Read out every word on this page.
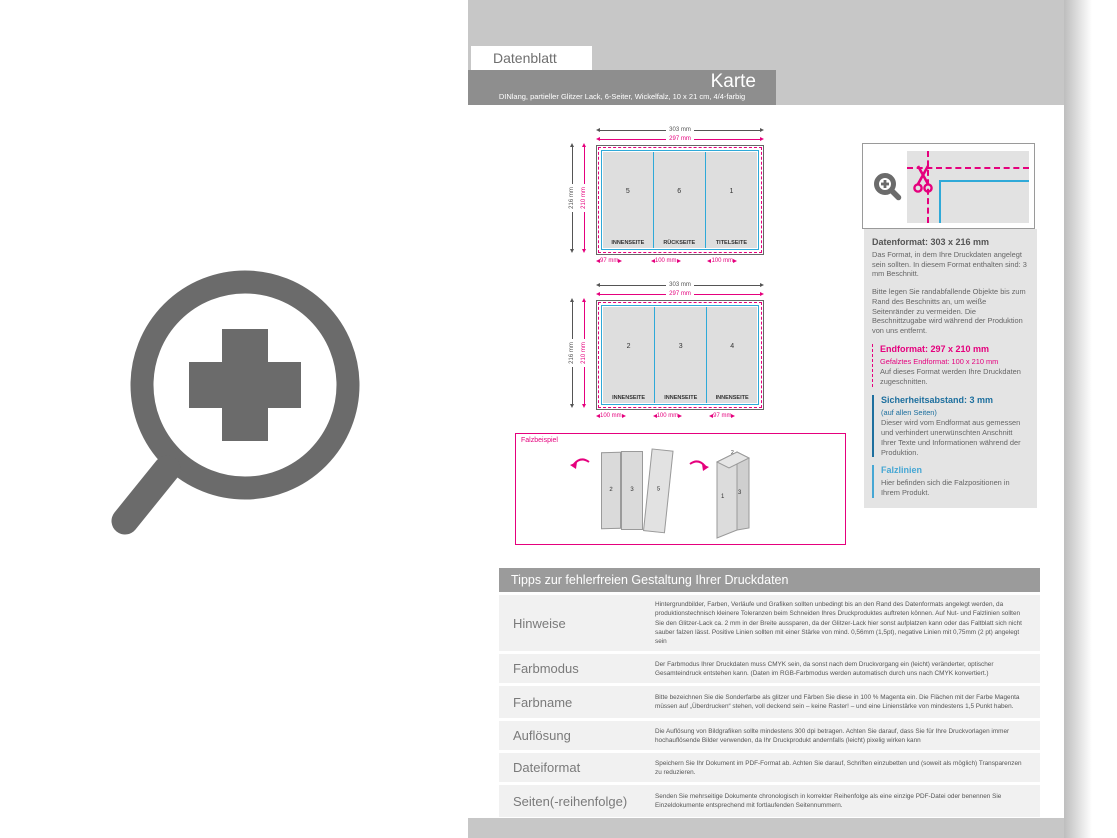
Datenblatt
Karte
DINlang, partieller Glitzer Lack, 6-Seiter, Wickelfalz, 10 x 21 cm, 4/4-farbig
216 mm 210 mm
303 mm
297 mm
5
INNENSEITE
6
RÜCKSEITE
1
TITELSEITE
97 mm	100 mm	100 mm
216 mm 210 mm
303 mm
297 mm
2
INNENSEITE
3
INNENSEITE
4
INNENSEITE
100 mm	100 mm	97 mm
Datenformat: 303 x 216 mm

Das Format, in dem Ihre Druckdaten angelegt sein sollten. In diesem Format enthalten sind: 3 mm Beschnitt.

Bitte legen Sie randabfallende Objekte bis zum Rand des Beschnitts an, um weiße Seitenränder zu vermeiden. Die Beschnittzugabe wird während der Produktion von uns entfernt.

Endformat: 297 x 210 mm
Gefalztes Endformat: 100 x 210 mm

Auf dieses Format werden Ihre Druckdaten zugeschnitten.

Sicherheitsabstand: 3 mm
(auf allen Seiten)

Dieser wird vom Endformat aus gemessen und verhindert unerwünschten Anschnitt Ihrer Texte und Informationen während der Produktion.

Falzlinien

Hier befinden sich die Falzpositionen in Ihrem Produkt.

Falzbeispiel
2	3	5
1
3
2
Tipps zur fehlerfreien Gestaltung Ihrer Druckdaten
Hinweise
Hintergrundbilder, Farben, Verläufe und Grafiken sollten unbedingt bis an den Rand des Datenformats angelegt werden, da produktionstechnisch kleinere Toleranzen beim Schneiden Ihres Druckproduktes auftreten können. Auf Nut- und Falzlinien sollten Sie den Glitzer-Lack ca. 2 mm in der Breite aussparen, da der Glitzer-Lack hier sonst aufplatzen kann oder das Faltblatt sich nicht sauber falzen lässt. Positive Linien sollten mit einer Stärke von mind. 0,56mm (1,5pt), negative Linien mit 0,75mm (2 pt) angelegt sein
Farbmodus	Der Farbmodus Ihrer Druckdaten muss CMYK sein, da sonst nach dem Druckvorgang ein (leicht) veränderter, optischer Gesamteindruck entstehen kann. (Daten im RGB-Farbmodus werden automatisch durch uns nach CMYK konvertiert.)
Farbname	Bitte bezeichnen Sie die Sonderfarbe als glitzer und Färben Sie diese in 100 % Magenta ein. Die Flächen mit der Farbe Magenta müssen auf „Überdrucken“ stehen, voll deckend sein – keine Raster! – und eine Linienstärke von mindestens 1,5 Punkt haben.
Auflösung	Die Auflösung von Bildgrafiken sollte mindestens 300 dpi betragen. Achten Sie darauf, dass Sie für Ihre Druckvorlagen immer hochauflösende Bilder verwenden, da Ihr Druckprodukt andernfalls (leicht) pixelig wirken kann
Dateiformat	Speichern Sie Ihr Dokument im PDF-Format ab. Achten Sie darauf, Schriften einzubetten und (soweit als möglich) Transparenzen zu reduzieren.
Seiten(-reihenfolge)	Senden Sie mehrseitige Dokumente chronologisch in korrekter Reihenfolge als eine einzige PDF-Datei oder benennen Sie Einzeldokumente entsprechend mit fortlaufenden Seitennummern.
